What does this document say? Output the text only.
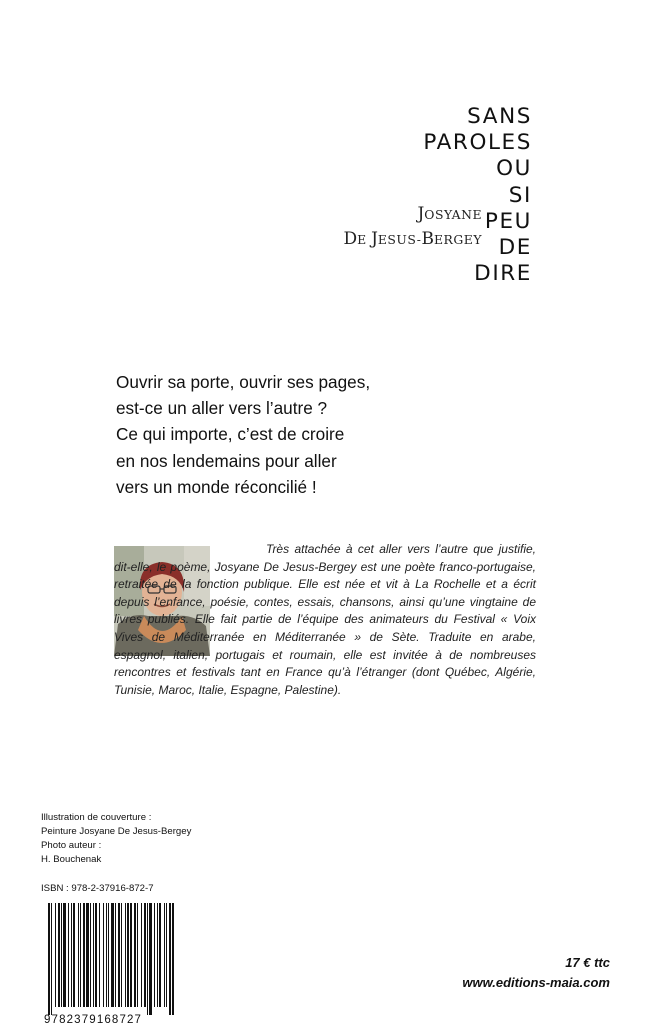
SANS
PAROLES
OU
SI
PEU
DE
DIRE
JOSYANE
DE JESUS-BERGEY
Ouvrir sa porte, ouvrir ses pages,
est-ce un aller vers l’autre ?
Ce qui importe, c’est de croire
en nos lendemains pour aller
vers un monde réconcilié !
Très attachée à cet aller vers l’autre que justifie, dit-elle, le poème, Josyane De Jesus-Bergey est une poète franco-portugaise, retraitée de la fonction publique. Elle est née et vit à La Rochelle et a écrit depuis l’enfance, poésie, contes, essais, chansons, ainsi qu’une vingtaine de livres publiés. Elle fait partie de l’équipe des animateurs du Festival « Voix Vives de Méditerranée en Méditerranée » de Sète. Traduite en arabe, espagnol, italien, portugais et roumain, elle est invitée à de nombreuses rencontres et festivals tant en France qu’à l’étranger (dont Québec, Algérie, Tunisie, Maroc, Italie, Espagne, Palestine).
Illustration de couverture :
Peinture Josyane De Jesus-Bergey
Photo auteur :
H. Bouchenak
ISBN : 978-2-37916-872-7
9782379168727
17 € ttc
www.editions-maia.com
